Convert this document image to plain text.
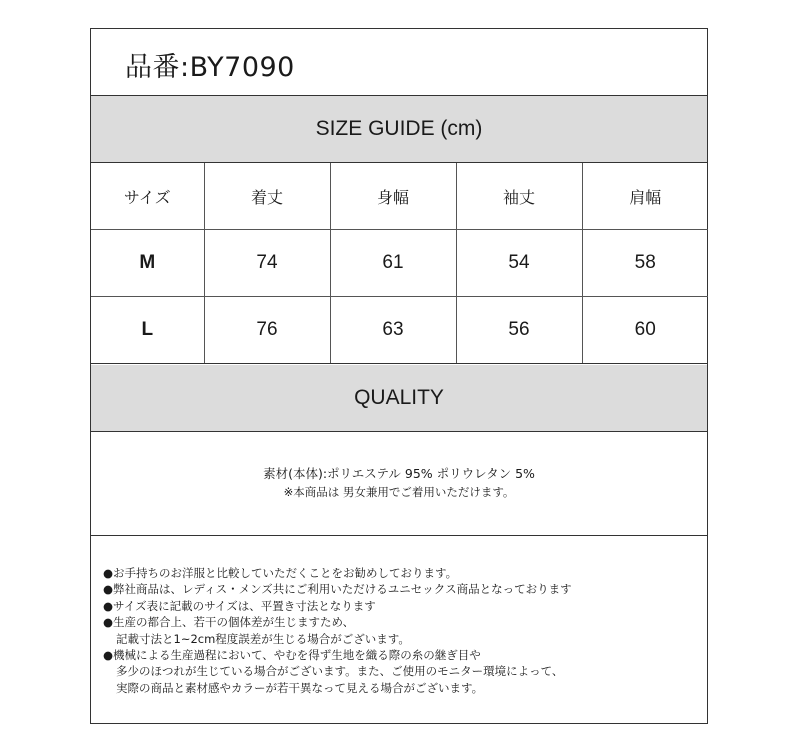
品番:BY7090
SIZE GUIDE (cm)
サイズ	着丈	身幅	袖丈	肩幅
M	74	61	54	58
L	76	63	56	60
QUALITY
素材(本体):ポリエステル 95% ポリウレタン 5%
※本商品は 男女兼用でご着用いただけます。
●お手持ちのお洋服と比較していただくことをお勧めしております。
●弊社商品は、レディス・メンズ共にご利用いただけるユニセックス商品となっております
●サイズ表に記載のサイズは、平置き寸法となります
●生産の都合上、若干の個体差が生じますため、
記載寸法と1~2cm程度誤差が生じる場合がございます。
●機械による生産過程において、やむを得ず生地を織る際の糸の継ぎ目や
多少のほつれが生じている場合がございます。また、ご使用のモニター環境によって、
実際の商品と素材感やカラーが若干異なって見える場合がございます。
